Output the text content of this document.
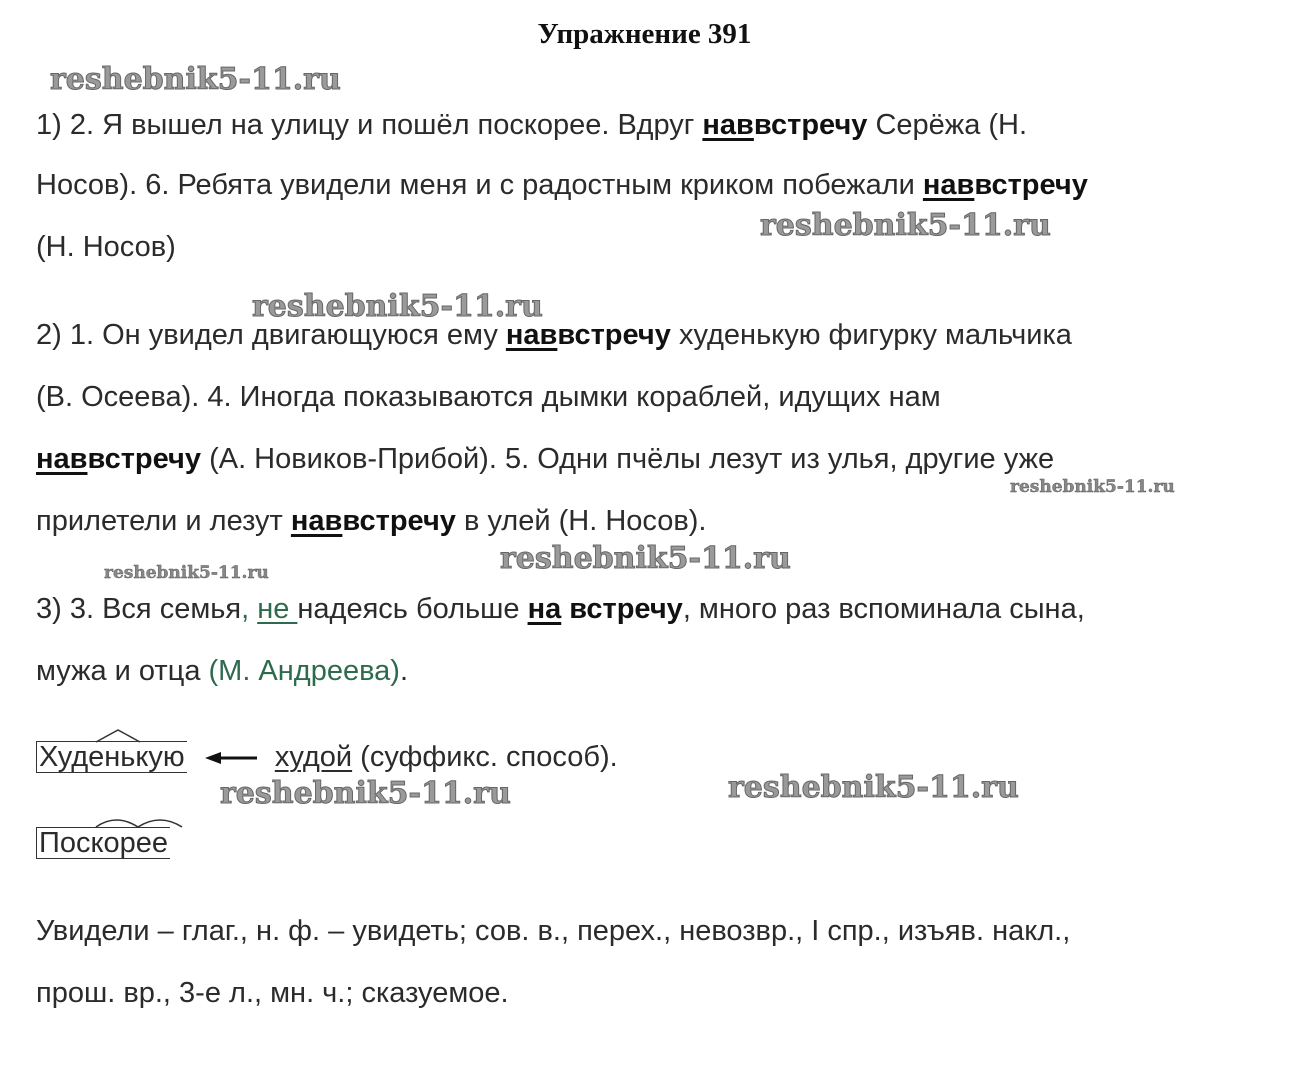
Упражнение 391
reshebnik5-11.ru
reshebnik5-11.ru
reshebnik5-11.ru
reshebnik5-11.ru
reshebnik5-11.ru
reshebnik5-11.ru
reshebnik5-11.ru	reshebnik5-11.ru
1) 2. Я вышел на улицу и пошёл поскорее. Вдруг наввстречу Серёжа (Н.
Носов). 6. Ребята увидели меня и с радостным криком побежали наввстречу
(Н. Носов)
2) 1. Он увидел двигающуюся ему наввстречу худенькую фигурку мальчика
(В. Осеева). 4. Иногда показываются дымки кораблей, идущих нам
наввстречу (А. Новиков-Прибой). 5. Одни пчёлы лезут из улья, другие уже
прилетели и лезут наввстречу в улей (Н. Носов).
3) 3. Вся семья, не надеясь больше на встречу, много раз вспоминала сына,
мужа и отца (М. Андреева).
Худенькую	худой (суффикс. способ).
Поскорее
Увидели – глаг., н. ф. – увидеть; сов. в., перех., невозвр., I спр., изъяв. накл.,
прош. вр., 3-е л., мн. ч.; сказуемое.
